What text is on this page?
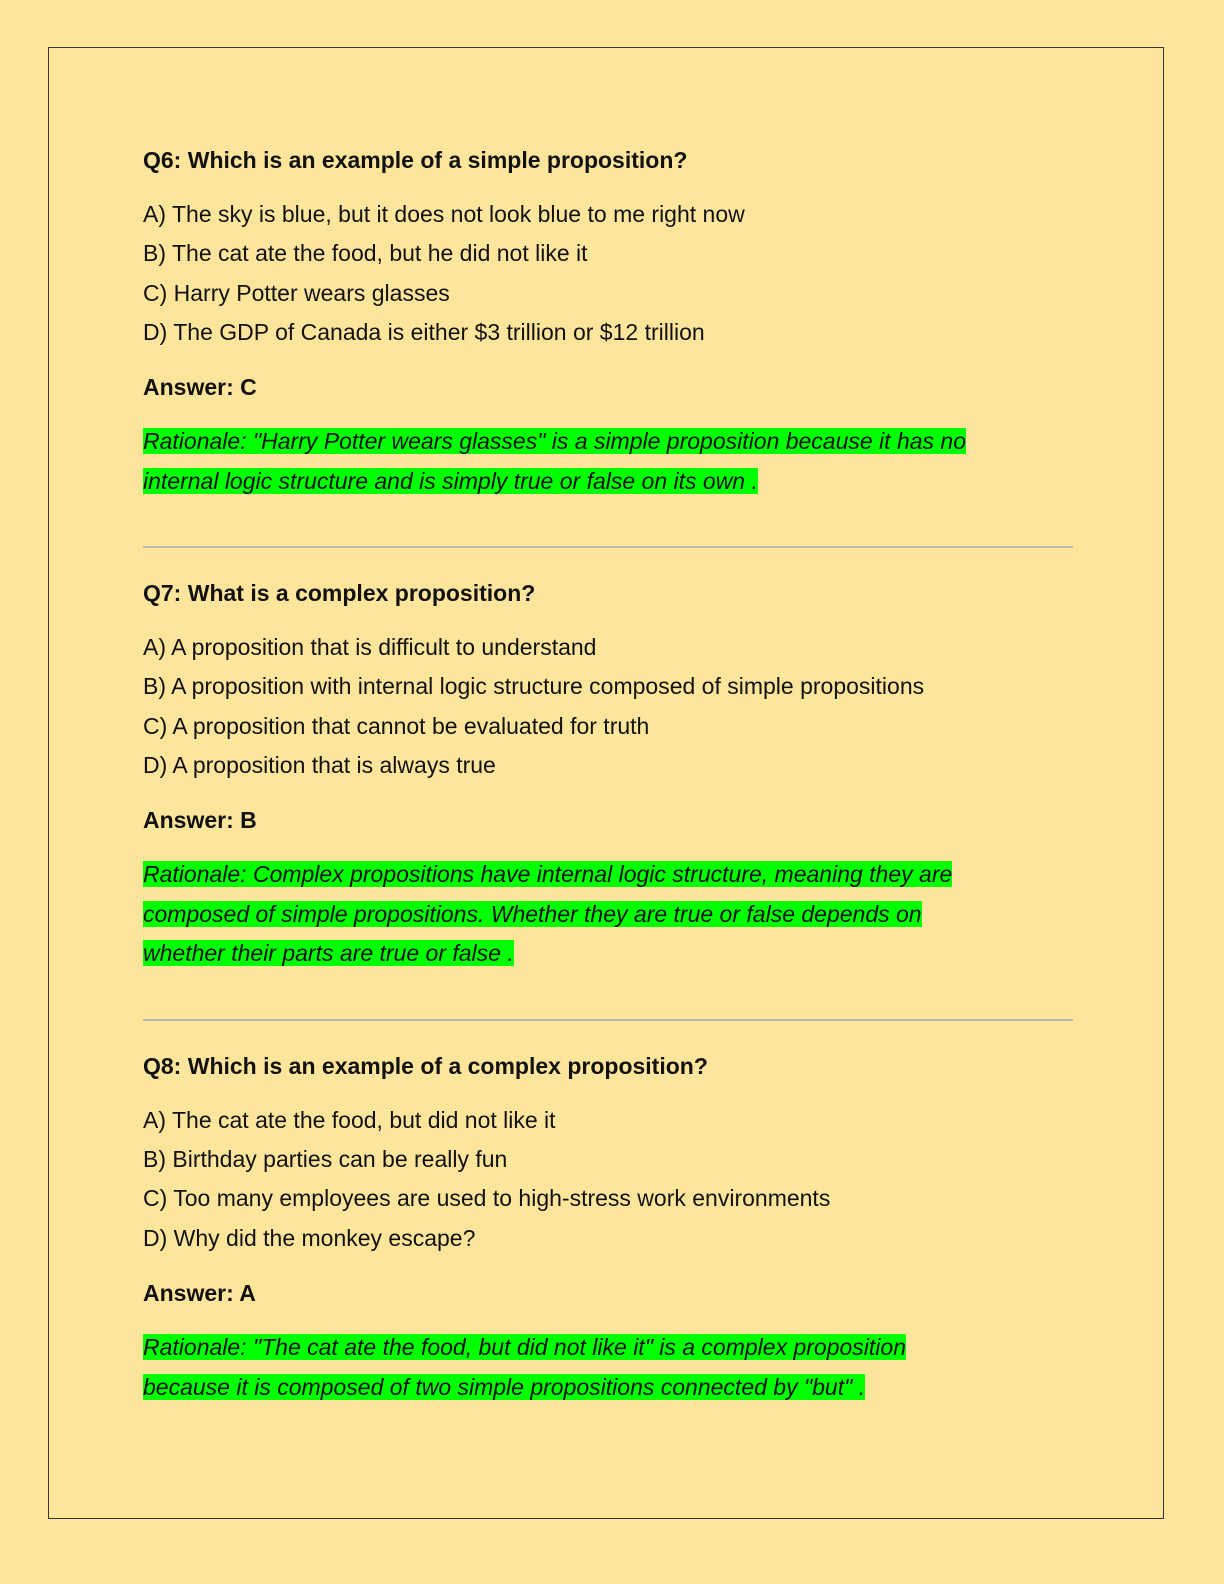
Q6: Which is an example of a simple proposition?
A) The sky is blue, but it does not look blue to me right now
B) The cat ate the food, but he did not like it
C) Harry Potter wears glasses
D) The GDP of Canada is either $3 trillion or $12 trillion
Answer: C
Rationale: "Harry Potter wears glasses" is a simple proposition because it has no
internal logic structure and is simply true or false on its own .
Q7: What is a complex proposition?
A) A proposition that is difficult to understand
B) A proposition with internal logic structure composed of simple propositions
C) A proposition that cannot be evaluated for truth
D) A proposition that is always true
Answer: B
Rationale: Complex propositions have internal logic structure, meaning they are
composed of simple propositions. Whether they are true or false depends on
whether their parts are true or false .
Q8: Which is an example of a complex proposition?
A) The cat ate the food, but did not like it
B) Birthday parties can be really fun
C) Too many employees are used to high-stress work environments
D) Why did the monkey escape?
Answer: A
Rationale: "The cat ate the food, but did not like it" is a complex proposition
because it is composed of two simple propositions connected by "but" .
